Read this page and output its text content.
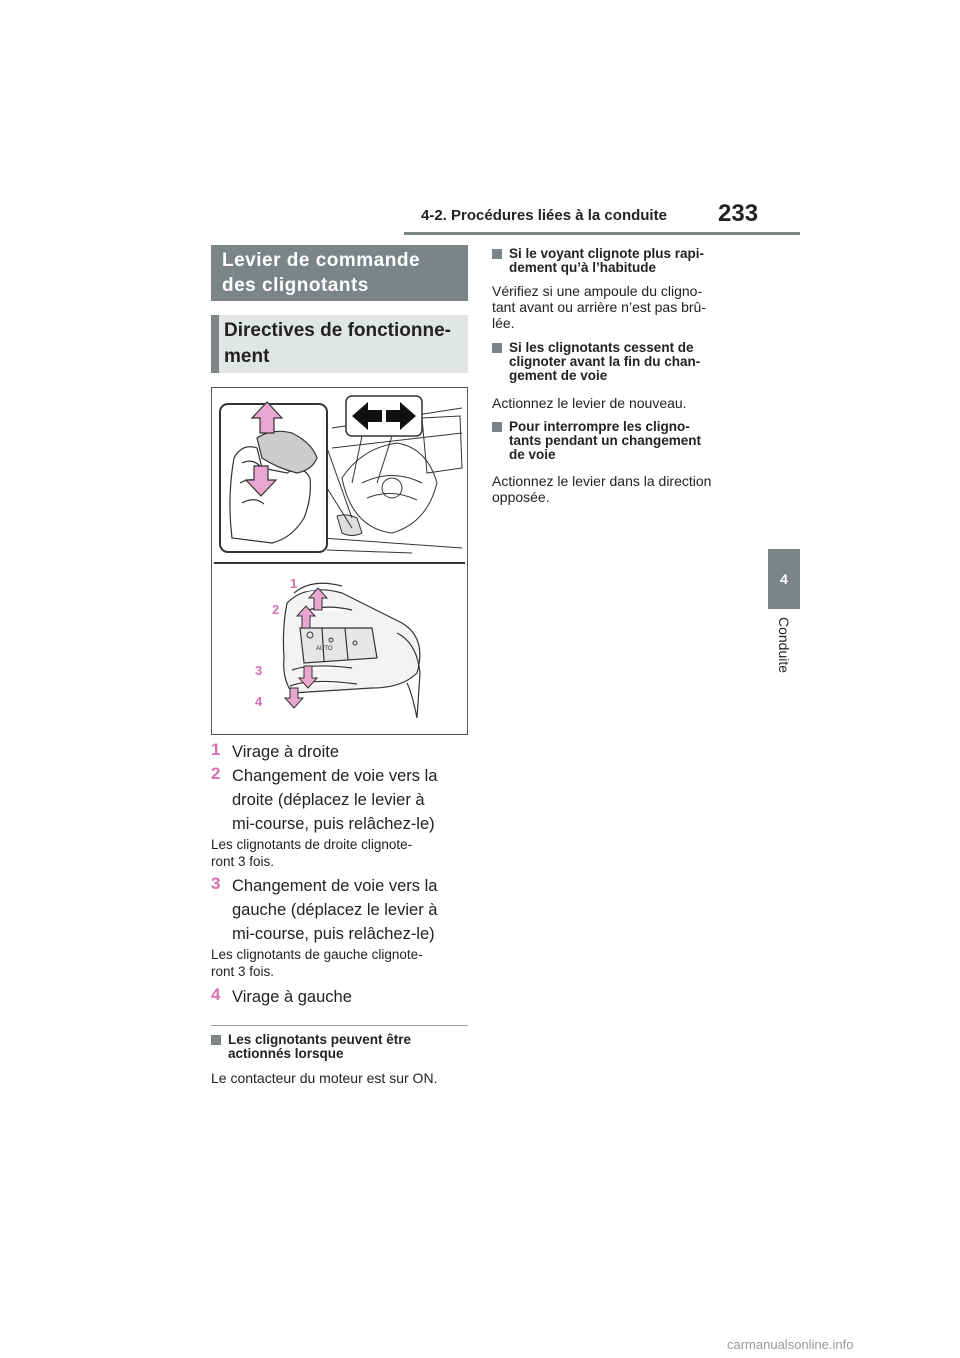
4-2. Procédures liées à la conduite 233
4
Conduite
Levier de commande
des clignotants
Directives de fonctionne-
ment
AUTO
1
2
3
4
1 Virage à droite
2 Changement de voie vers la
droite (déplacez le levier à
mi-course, puis relâchez-le)
Les clignotants de droite clignote-
ront 3 fois.
3 Changement de voie vers la
gauche (déplacez le levier à
mi-course, puis relâchez-le)
Les clignotants de gauche clignote-
ront 3 fois.
4 Virage à gauche
Les clignotants peuvent être
actionnés lorsque
Le contacteur du moteur est sur ON.
Si le voyant clignote plus rapi-
dement qu’à l’habitude
Vérifiez si une ampoule du cligno-
tant avant ou arrière n’est pas brû-
lée.
Si les clignotants cessent de
clignoter avant la fin du chan-
gement de voie
Actionnez le levier de nouveau.
Pour interrompre les cligno-
tants pendant un changement
de voie
Actionnez le levier dans la direction
opposée.
carmanualsonline.info
